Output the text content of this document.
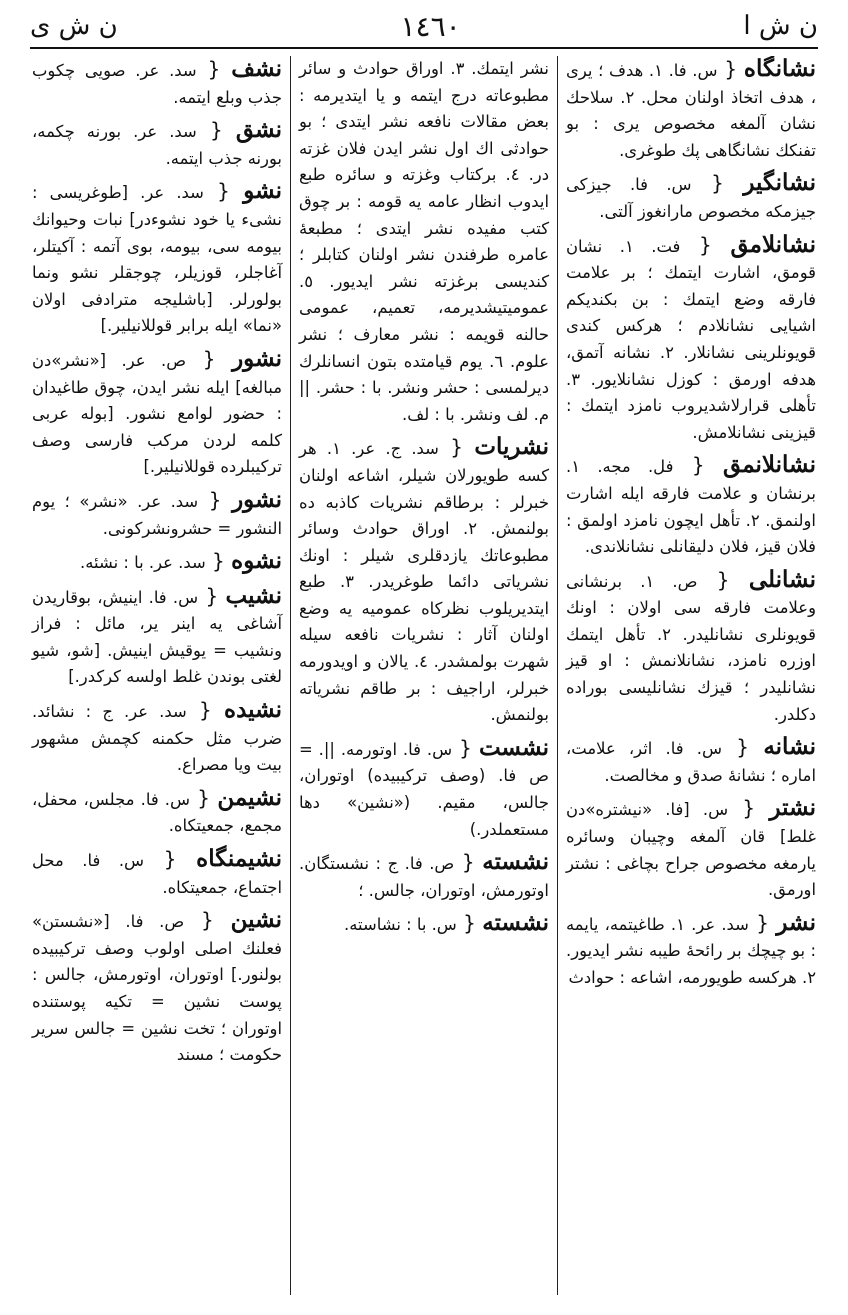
ن ش ا
١٤٦٠
ن ش ى
نشانگاه { س. فا. ١. هدف ؛ يرى ، هدف اتخاذ اولنان محل. ٢. سلاحك نشان آلمغه مخصوص يرى : بو تفنكك نشانگاهى پك طوغرى.
نشانگير { س. فا. جيزكى جيزمكه مخصوص مارانغوز آلتى.
نشانلامق { فت. ١. نشان قومق، اشارت ايتمك ؛ بر علامت فارقه وضع ايتمك : بن بكنديكم اشيايى نشانلادم ؛ هركس كندى قويونلرينى نشانلار. ٢. نشانه آتمق، هدفه اورمق : كوزل نشانلايور. ٣. تأهلى قرارلاشديروب نامزد ايتمك : قيزينى نشانلامش.
نشانلانمق { فل. مجه. ١. برنشان و علامت فارقه ايله اشارت اولنمق. ٢. تأهل ايچون نامزد اولمق : فلان قيز، فلان دليقانلى نشانلاندى.
نشانلى { ص. ١. برنشانى وعلامت فارقه سى اولان : اونك قويونلرى نشانليدر. ٢. تأهل ايتمك اوزره نامزد، نشانلانمش : او قيز نشانليدر ؛ قيزك نشانليسى بوراده دكلدر.
نشانه { س. فا. اثر، علامت، اماره ؛ نشانۀ صدق و مخالصت.
نشتر { س. [فا. «نيشتره»دن غلط] قان آلمغه وچيبان وسائره يارمغه مخصوص جراح بچاغى : نشتر اورمق.
نشر { سد. عر. ١. طاغيتمه، يايمه : بو چيچك بر رائحۀ طيبه نشر ايديور. ٢. هركسه طويورمه، اشاعه : حوادث
نشر ايتمك. ٣. اوراق حوادث و سائر مطبوعاته درج ايتمه و يا ايتديرمه : بعض مقالات نافعه نشر ايتدى ؛ بو حوادثى اك اول نشر ايدن فلان غزته در. ٤. بركتاب وغزته و سائره طبع ايدوب انظار عامه يه قومه : بر چوق كتب مفيده نشر ايتدى ؛ مطبعۀ عامره طرفندن نشر اولنان كتابلر ؛ كنديسى برغزته نشر ايديور. ٥. عموميتيشديرمه، تعميم، عمومى حالنه قويمه : نشر معارف ؛ نشر علوم. ٦. يوم قيامتده بتون انسانلرك ديرلمسى : حشر ونشر. با : حشر. || م. لف ونشر. با : لف.
نشريات { سد. ج. عر. ١. هر كسه طويورلان شيلر، اشاعه اولنان خبرلر : برطاقم نشريات كاذبه ده بولنمش. ٢. اوراق حوادث وسائر مطبوعاتك يازدقلرى شيلر : اونك نشرياتى دائما طوغريدر. ٣. طبع ايتديريلوب نظركاه عموميه يه وضع اولنان آثار : نشريات نافعه سيله شهرت بولمشدر. ٤. يالان و اويدورمه خبرلر، اراجيف : بر طاقم نشرياته بولنمش.
نشست { س. فا. اوتورمه. ||. = ص فا. (وصف تركيبيده) اوتوران، جالس، مقيم. («نشين» دها مستعملدر.)
نشسته { ص. فا. ج : نشستگان. اوتورمش، اوتوران، جالس. ؛
نشسته { س. با : نشاسته.
نشف { سد. عر. صويى چكوب جذب وبلع ايتمه.
نشق { سد. عر. بورنه چكمه، بورنه جذب ايتمه.
نشو { سد. عر. [طوغريسى : نشىء يا خود نشوءدر] نبات وحيوانك بيومه سى، بيومه، بوى آتمه : آكيتلر، آغاجلر، قوزيلر، چوجقلر نشو ونما بولورلر. [باشليجه مترادفى اولان «نما» ايله برابر قوللانيلير.]
نشور { ص. عر. [«نشر»دن مبالغه] ايله نشر ايدن، چوق طاغيدان : حضور لوامع نشور. [بوله عربى كلمه لردن مركب فارسى وصف تركيبلرده قوللانيلير.]
نشور { سد. عر. «نشر» ؛ يوم النشور = حشرونشركونى.
نشوه { سد. عر. با : نشئه.
نشيب { س. فا. اينيش، بوقاريدن آشاغى يه اينر ير، مائل : فراز ونشيب = يوقيش اينيش. [شو، شيو لغتى بوندن غلط اولسه كركدر.]
نشيده { سد. عر. ج : نشائد. ضرب مثل حكمنه كچمش مشهور بيت ويا مصراع.
نشيمن { س. فا. مجلس، محفل، مجمع، جمعيتكاه.
نشيمنگاه { س. فا. محل اجتماع، جمعيتكاه.
نشين { ص. فا. [«نشستن» فعلنك اصلى اولوب وصف تركيبيده بولنور.] اوتوران، اوتورمش، جالس : پوست نشين = تكيه پوستنده اوتوران ؛ تخت نشين = جالس سرير حكومت ؛ مسند
